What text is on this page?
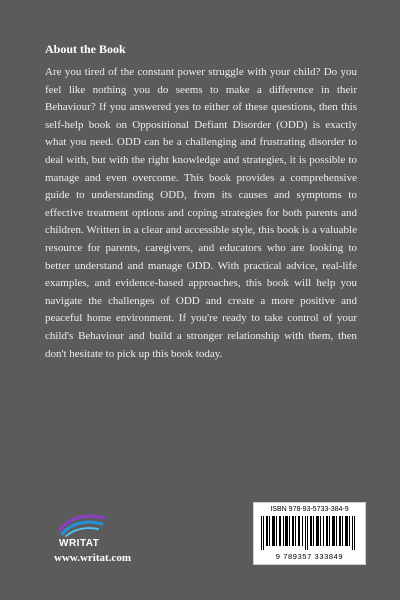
About the Book

Are you tired of the constant power struggle with your child? Do you feel like nothing you do seems to make a difference in their Behaviour? If you answered yes to either of these questions, then this self-help book on Oppositional Defiant Disorder (ODD) is exactly what you need. ODD can be a challenging and frustrating disorder to deal with, but with the right knowledge and strategies, it is possible to manage and even overcome. This book provides a comprehensive guide to understanding ODD, from its causes and symptoms to effective treatment options and coping strategies for both parents and children. Written in a clear and accessible style, this book is a valuable resource for parents, caregivers, and educators who are looking to better understand and manage ODD. With practical advice, real-life examples, and evidence-based approaches, this book will help you navigate the challenges of ODD and create a more positive and peaceful home environment. If you're ready to take control of your child's Behaviour and build a stronger relationship with them, then don't hesitate to pick up this book today.

WRITAT
www.writat.com
ISBN 978-93-5733-384-9
9 789357 333849
